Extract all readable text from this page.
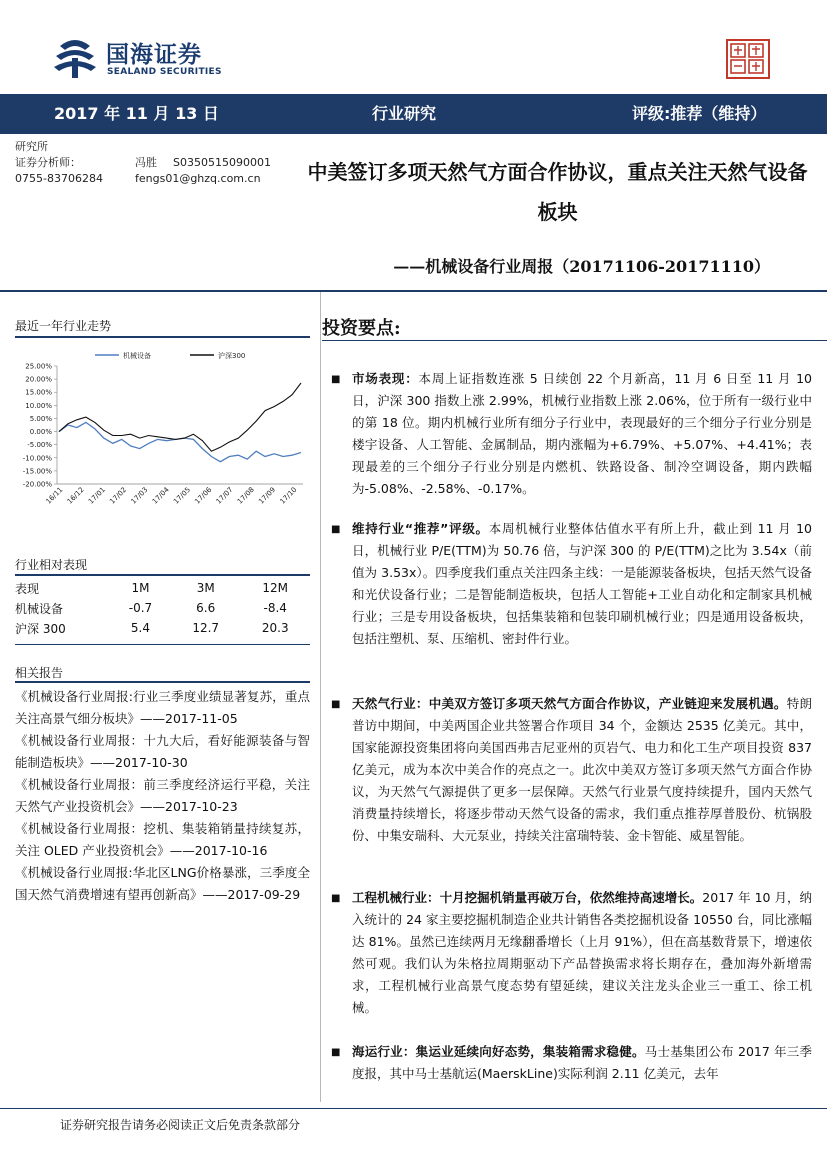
国海证券
SEALAND SECURITIES
2017 年 11 月 13 日	行业研究	评级:推荐（维持）
研究所
证券分析师：	冯胜 S0350515090001
0755-83706284	fengs01@ghzq.com.cn	中美签订多项天然气方面合作协议，重点关注天然气设备板块
——机械设备行业周报（20171106-20171110）
最近一年行业走势
25.00%
20.00%
15.00%
10.00%
5.00%
0.00%
-5.00%
-10.00%
-15.00%
-20.00%
16/11 16/12 17/01 17/02 17/03 17/04 17/05 17/06 17/07 17/08 17/09 17/10
机械设备	沪深300
行业相对表现
表现	1M	3M	12M
机械设备	-0.7	6.6	-8.4
沪深 300	5.4	12.7	20.3
相关报告
《机械设备行业周报:行业三季度业绩显著复苏，重点关注高景气细分板块》——2017-11-05
《机械设备行业周报：十九大后，看好能源装备与智能制造板块》——2017-10-30
《机械设备行业周报：前三季度经济运行平稳，关注天然气产业投资机会》——2017-10-23
《机械设备行业周报：挖机、集装箱销量持续复苏，关注 OLED 产业投资机会》——2017-10-16
《机械设备行业周报:华北区LNG价格暴涨，三季度全国天然气消费增速有望再创新高》——2017-09-29
投资要点:
■ 市场表现：本周上证指数连涨 5 日续创 22 个月新高，11 月 6 日至 11 月 10 日，沪深 300 指数上涨 2.99%，机械行业指数上涨 2.06%，位于所有一级行业中的第 18 位。期内机械行业所有细分子行业中，表现最好的三个细分子行业分别是楼宇设备、人工智能、金属制品，期内涨幅为+6.79%、+5.07%、+4.41%；表现最差的三个细分子行业分别是内燃机、铁路设备、制冷空调设备，期内跌幅为-5.08%、-2.58%、-0.17%。
■ 维持行业“推荐”评级。本周机械行业整体估值水平有所上升，截止到 11 月 10 日，机械行业 P/E(TTM)为 50.76 倍，与沪深 300 的 P/E(TTM)之比为 3.54x（前值为 3.53x）。四季度我们重点关注四条主线：一是能源装备板块，包括天然气设备和光伏设备行业；二是智能制造板块，包括人工智能+工业自动化和定制家具机械行业；三是专用设备板块，包括集装箱和包装印刷机械行业；四是通用设备板块，包括注塑机、泵、压缩机、密封件行业。
■ 天然气行业：中美双方签订多项天然气方面合作协议，产业链迎来发展机遇。特朗普访中期间，中美两国企业共签署合作项目 34 个，金额达 2535 亿美元。其中，国家能源投资集团将向美国西弗吉尼亚州的页岩气、电力和化工生产项目投资 837 亿美元，成为本次中美合作的亮点之一。此次中美双方签订多项天然气方面合作协议，为天然气气源提供了更多一层保障。天然气行业景气度持续提升，国内天然气消费量持续增长，将逐步带动天然气设备的需求，我们重点推荐厚普股份、杭锅股份、中集安瑞科、大元泵业，持续关注富瑞特装、金卡智能、威星智能。
■ 工程机械行业：十月挖掘机销量再破万台，依然维持高速增长。2017 年 10 月，纳入统计的 24 家主要挖掘机制造企业共计销售各类挖掘机设备 10550 台，同比涨幅达 81%。虽然已连续两月无缘翻番增长（上月 91%），但在高基数背景下，增速依然可观。我们认为朱格拉周期驱动下产品替换需求将长期存在，叠加海外新增需求，工程机械行业高景气度态势有望延续，建议关注龙头企业三一重工、徐工机械。
■ 海运行业：集运业延续向好态势，集装箱需求稳健。马士基集团公布 2017 年三季度报，其中马士基航运(MaerskLine)实际利润 2.11 亿美元，去年
证券研究报告请务必阅读正文后免责条款部分
